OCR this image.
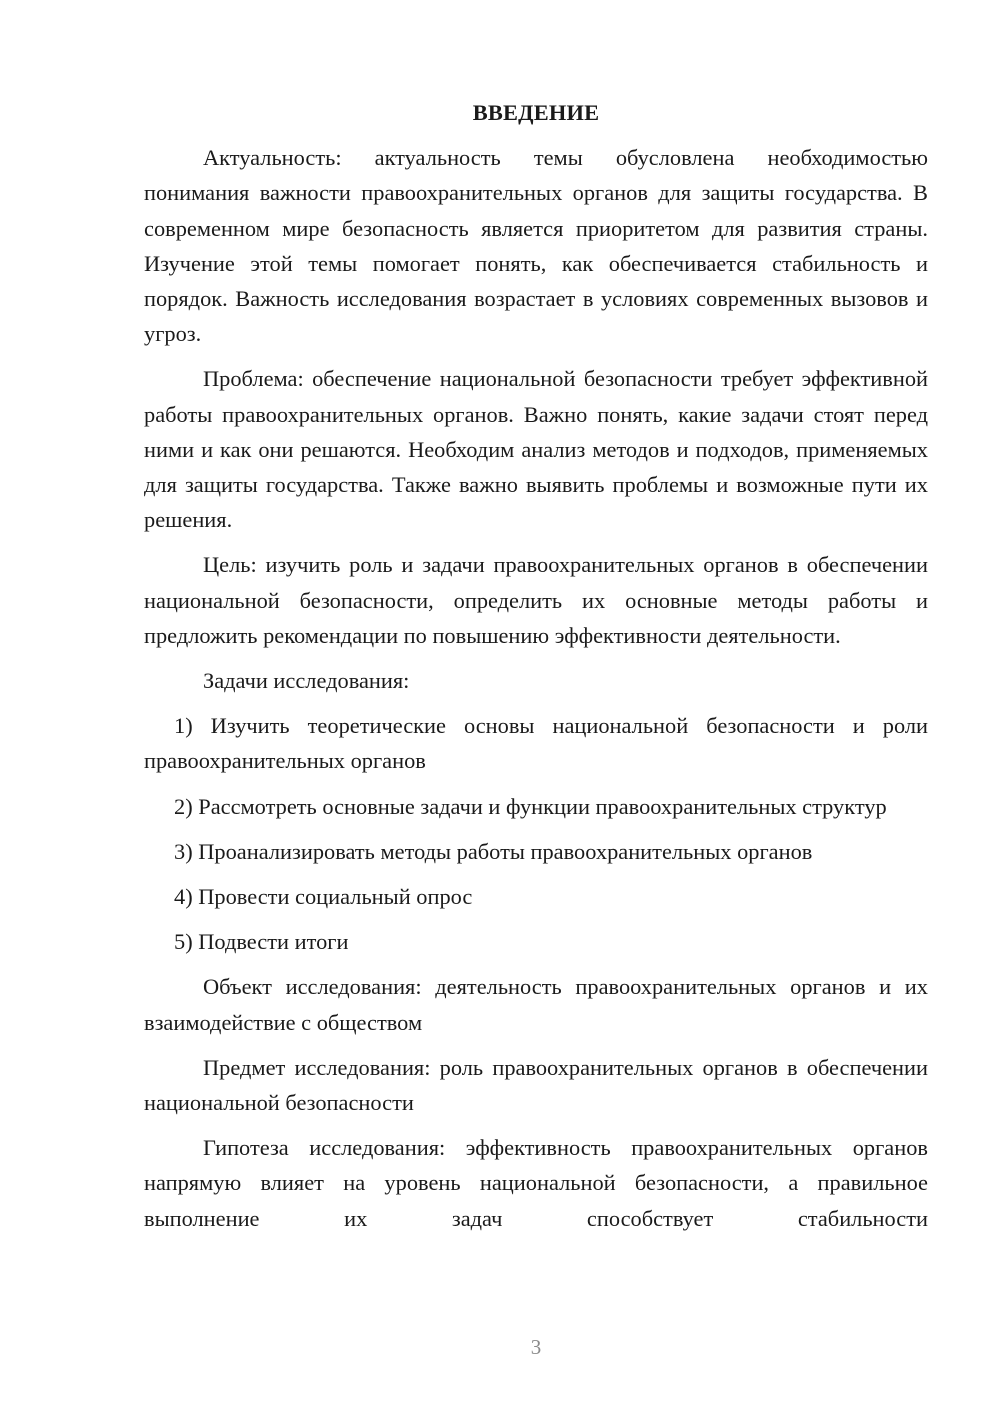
ВВЕДЕНИЕ

Актуальность: актуальность темы обусловлена необходимостью понимания важности правоохранительных органов для защиты государства. В современном мире безопасность является приоритетом для развития страны. Изучение этой темы помогает понять, как обеспечивается стабильность и порядок. Важность исследования возрастает в условиях современных вызовов и угроз.

Проблема: обеспечение национальной безопасности требует эффективной работы правоохранительных органов. Важно понять, какие задачи стоят перед ними и как они решаются. Необходим анализ методов и подходов, применяемых для защиты государства. Также важно выявить проблемы и возможные пути их решения.

Цель: изучить роль и задачи правоохранительных органов в обеспечении национальной безопасности, определить их основные методы работы и предложить рекомендации по повышению эффективности деятельности.

Задачи исследования:

1) Изучить теоретические основы национальной безопасности и роли правоохранительных органов

2) Рассмотреть основные задачи и функции правоохранительных структур

3) Проанализировать методы работы правоохранительных органов

4) Провести социальный опрос

5) Подвести итоги

Объект исследования: деятельность правоохранительных органов и их взаимодействие с обществом

Предмет исследования: роль правоохранительных органов в обеспечении национальной безопасности

Гипотеза исследования: эффективность правоохранительных органов напрямую влияет на уровень национальной безопасности, а правильное выполнение их задач способствует стабильности

3
